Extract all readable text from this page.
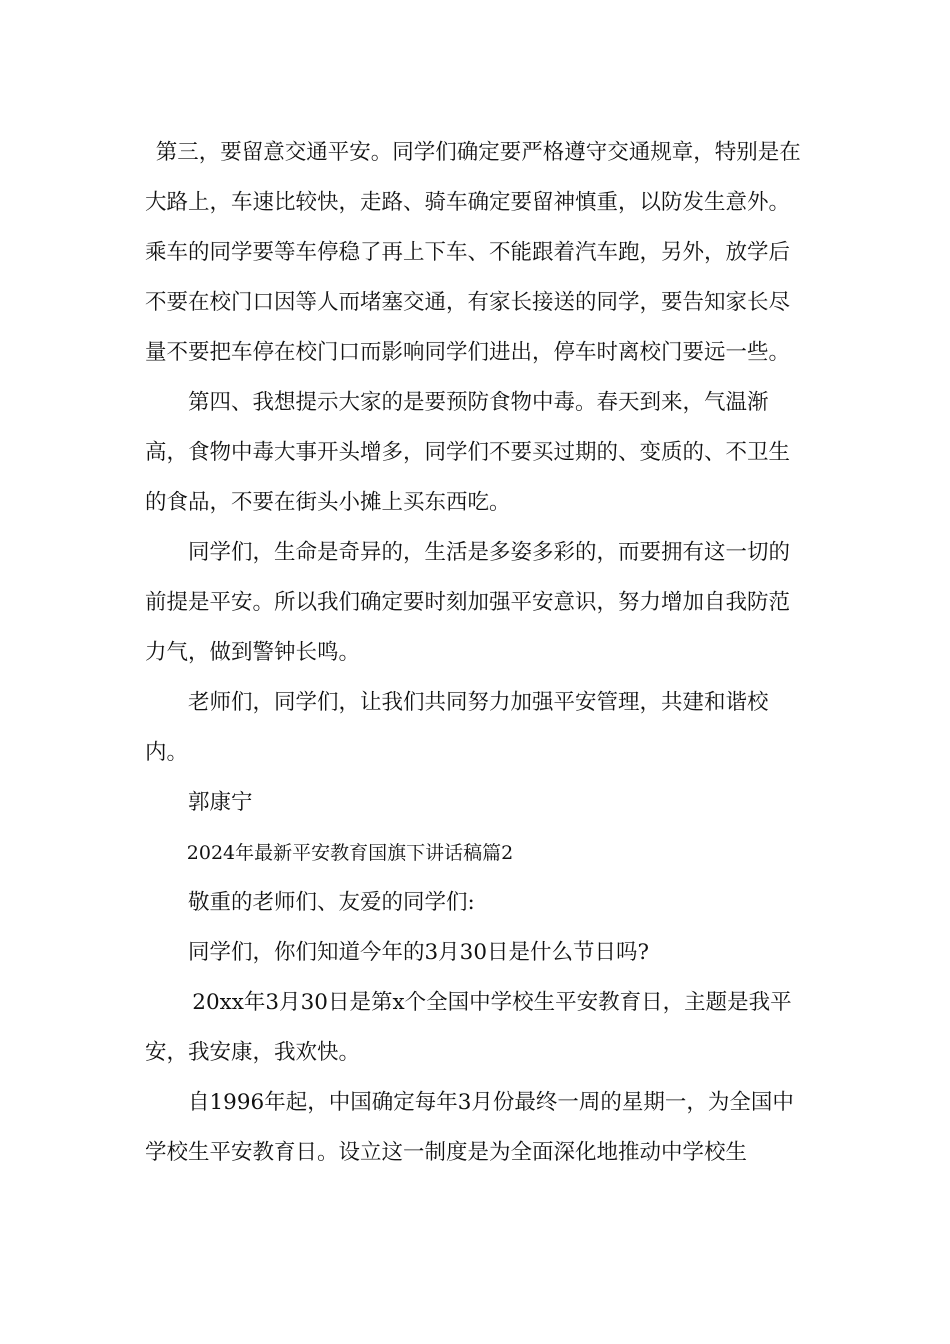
第三，要留意交通平安。同学们确定要严格遵守交通规章，特别是在大路上，车速比较快，走路、骑车确定要留神慎重，以防发生意外。乘车的同学要等车停稳了再上下车、不能跟着汽车跑，另外，放学后不要在校门口因等人而堵塞交通，有家长接送的同学，要告知家长尽量不要把车停在校门口而影响同学们进出，停车时离校门要远一些。

第四、我想提示大家的是要预防食物中毒。春天到来，气温渐高，食物中毒大事开头增多，同学们不要买过期的、变质的、不卫生的食品，不要在街头小摊上买东西吃。

同学们，生命是奇异的，生活是多姿多彩的，而要拥有这一切的前提是平安。所以我们确定要时刻加强平安意识，努力增加自我防范力气，做到警钟长鸣。

老师们，同学们，让我们共同努力加强平安管理，共建和谐校内。

郭康宁

2024年最新平安教育国旗下讲话稿篇2

敬重的老师们、友爱的同学们:

同学们，你们知道今年的3月30日是什么节日吗?

20xx年3月30日是第x个全国中学校生平安教育日，主题是我平安，我安康，我欢快。

自1996年起，中国确定每年3月份最终一周的星期一，为全国中学校生平安教育日。设立这一制度是为全面深化地推动中学校生
